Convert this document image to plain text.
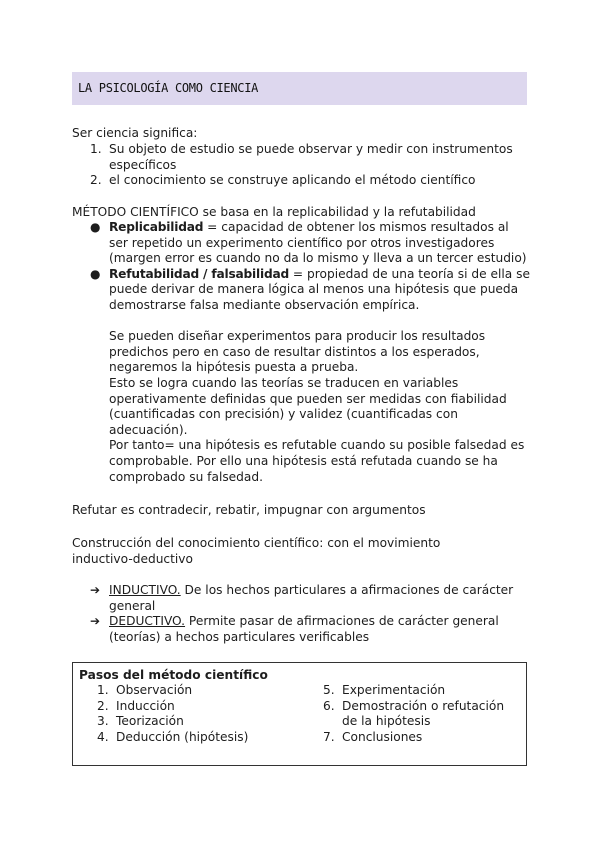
LA PSICOLOGÍA COMO CIENCIA
Ser ciencia significa:
1. Su objeto de estudio se puede observar y medir con instrumentos específicos
2. el conocimiento se construye aplicando el método científico
MÉTODO CIENTÍFICO se basa en la replicabilidad y la refutabilidad
● Replicabilidad = capacidad de obtener los mismos resultados al ser repetido un experimento científico por otros investigadores (margen error es cuando no da lo mismo y lleva a un tercer estudio)
● Refutabilidad / falsabilidad = propiedad de una teoría si de ella se puede derivar de manera lógica al menos una hipótesis que pueda demostrarse falsa mediante observación empírica.
Se pueden diseñar experimentos para producir los resultados predichos pero en caso de resultar distintos a los esperados, negaremos la hipótesis puesta a prueba.
Esto se logra cuando las teorías se traducen en variables operativamente definidas que pueden ser medidas con fiabilidad (cuantificadas con precisión) y validez (cuantificadas con adecuación).
Por tanto= una hipótesis es refutable cuando su posible falsedad es comprobable. Por ello una hipótesis está refutada cuando se ha comprobado su falsedad.
Refutar es contradecir, rebatir, impugnar con argumentos
Construcción del conocimiento científico: con el movimiento inductivo-deductivo
➔ INDUCTIVO. De los hechos particulares a afirmaciones de carácter general
➔ DEDUCTIVO. Permite pasar de afirmaciones de carácter general (teorías) a hechos particulares verificables
Pasos del método científico
1. Observación
2. Inducción
3. Teorización
4. Deducción (hipótesis)
5. Experimentación
6. Demostración o refutación de la hipótesis
7. Conclusiones
